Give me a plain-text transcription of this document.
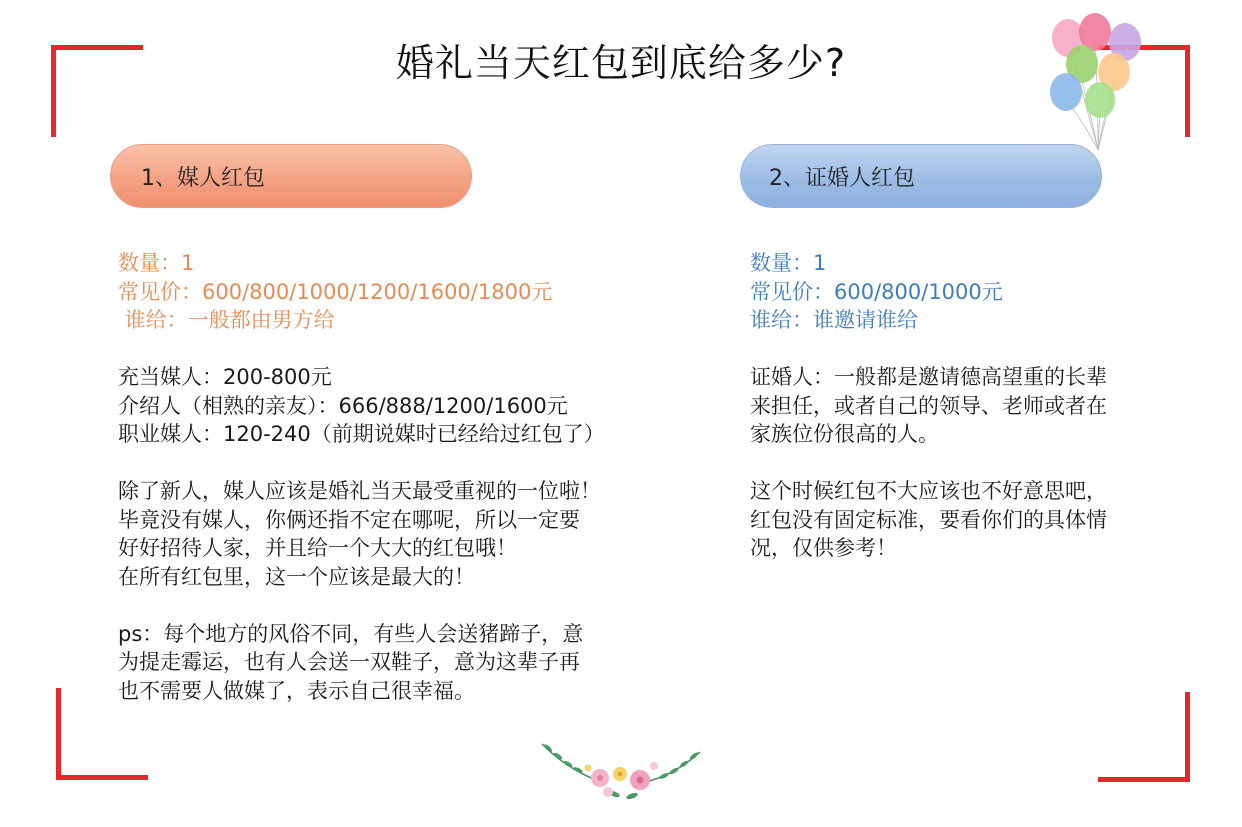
婚礼当天红包到底给多少?
1、媒人红包	2、证婚人红包
数量：1
常见价：600/800/1000/1200/1600/1800元
谁给：一般都由男方给
充当媒人：200-800元
介绍人（相熟的亲友）：666/888/1200/1600元
职业媒人：120-240（前期说媒时已经给过红包了）
除了新人，媒人应该是婚礼当天最受重视的一位啦！
毕竟没有媒人，你俩还指不定在哪呢，所以一定要
好好招待人家，并且给一个大大的红包哦！
在所有红包里，这一个应该是最大的！
ps：每个地方的风俗不同，有些人会送猪蹄子，意
为提走霉运，也有人会送一双鞋子，意为这辈子再
也不需要人做媒了，表示自己很幸福。
数量：1
常见价：600/800/1000元
谁给：谁邀请谁给
证婚人：一般都是邀请德高望重的长辈
来担任，或者自己的领导、老师或者在
家族位份很高的人。
这个时候红包不大应该也不好意思吧，
红包没有固定标准，要看你们的具体情
况，仅供参考！
